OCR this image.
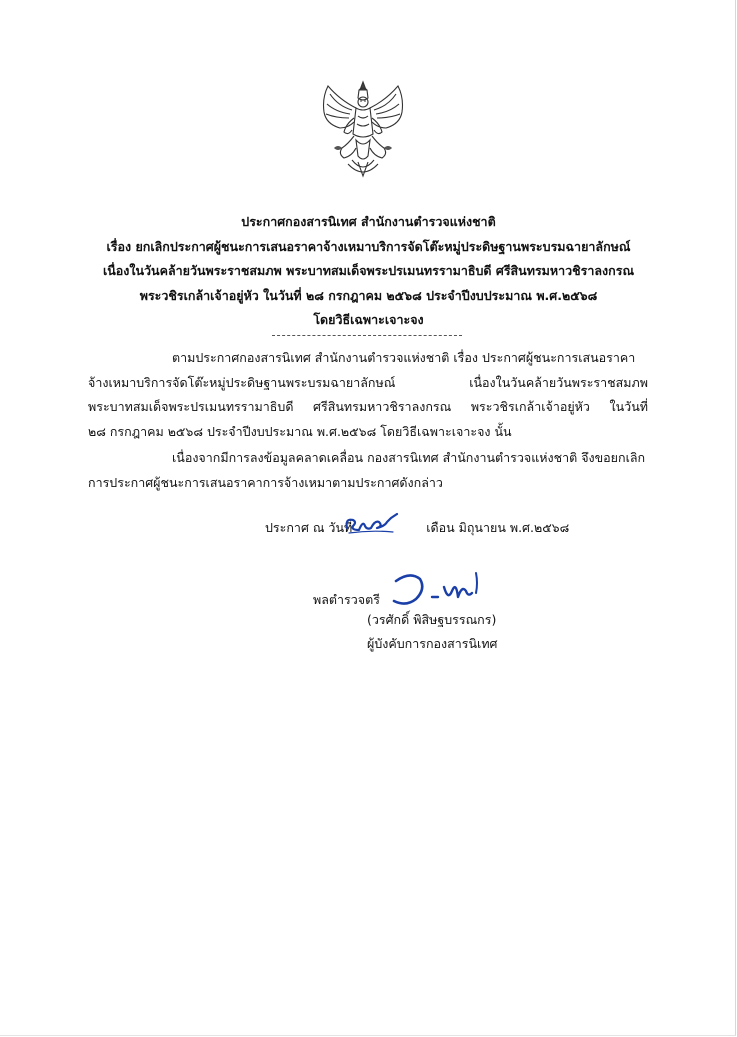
ประกาศกองสารนิเทศ สำนักงานตำรวจแห่งชาติ
เรื่อง ยกเลิกประกาศผู้ชนะการเสนอราคาจ้างเหมาบริการจัดโต๊ะหมู่ประดิษฐานพระบรมฉายาลักษณ์
เนื่องในวันคล้ายวันพระราชสมภพ พระบาทสมเด็จพระปรเมนทรรามาธิบดี ศรีสินทรมหาวชิราลงกรณ
พระวชิรเกล้าเจ้าอยู่หัว ในวันที่ ๒๘ กรกฎาคม ๒๕๖๘ ประจำปีงบประมาณ พ.ศ.๒๕๖๘
โดยวิธีเฉพาะเจาะจง
ตามประกาศกองสารนิเทศ สำนักงานตำรวจแห่งชาติ เรื่อง ประกาศผู้ชนะการเสนอราคา
จ้างเหมาบริการจัดโต๊ะหมู่ประดิษฐานพระบรมฉายาลักษณ์ เนื่องในวันคล้ายวันพระราชสมภพ
พระบาทสมเด็จพระปรเมนทรรามาธิบดี ศรีสินทรมหาวชิราลงกรณ พระวชิรเกล้าเจ้าอยู่หัว ในวันที่
๒๘ กรกฎาคม ๒๕๖๘ ประจำปีงบประมาณ พ.ศ.๒๕๖๘ โดยวิธีเฉพาะเจาะจง นั้น
เนื่องจากมีการลงข้อมูลคลาดเคลื่อน กองสารนิเทศ สำนักงานตำรวจแห่งชาติ จึงขอยกเลิก
การประกาศผู้ชนะการเสนอราคาการจ้างเหมาตามประกาศดังกล่าว
ประกาศ ณ วันที่	เดือน มิถุนายน พ.ศ.๒๕๖๘
พลตำรวจตรี
(วรศักดิ์ พิสิษฐบรรณกร)
ผู้บังคับการกองสารนิเทศ
